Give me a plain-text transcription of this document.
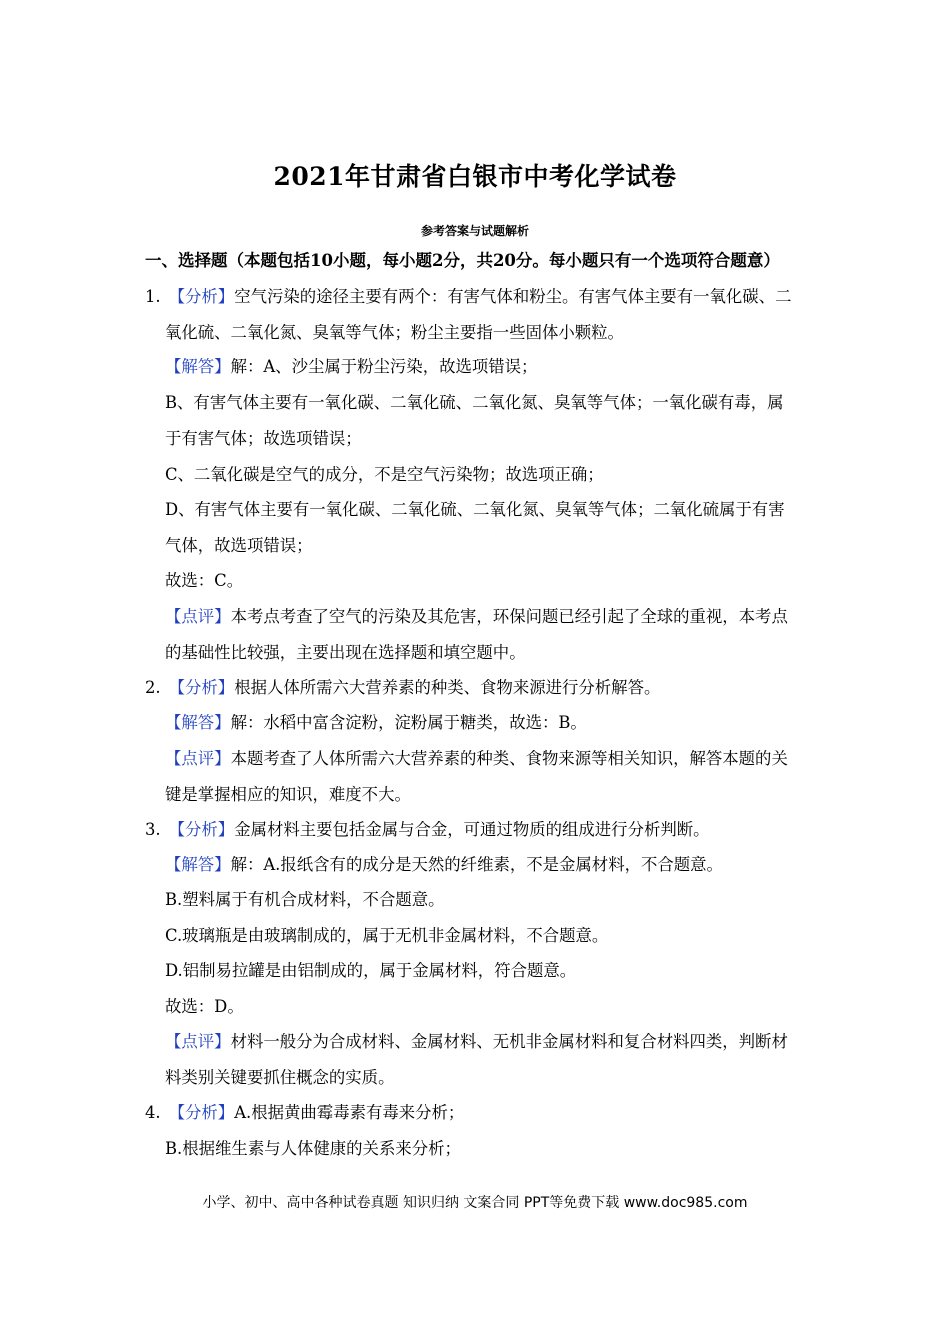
2021年甘肃省白银市中考化学试卷
参考答案与试题解析
一、选择题（本题包括10小题，每小题2分，共20分。每小题只有一个选项符合题意）
1. 【分析】空气污染的途径主要有两个：有害气体和粉尘。有害气体主要有一氧化碳、二
氧化硫、二氧化氮、臭氧等气体；粉尘主要指一些固体小颗粒。
【解答】解：A、沙尘属于粉尘污染，故选项错误；
B、有害气体主要有一氧化碳、二氧化硫、二氧化氮、臭氧等气体；一氧化碳有毒，属
于有害气体；故选项错误；
C、二氧化碳是空气的成分，不是空气污染物；故选项正确；
D、有害气体主要有一氧化碳、二氧化硫、二氧化氮、臭氧等气体；二氧化硫属于有害
气体，故选项错误；
故选：C。
【点评】本考点考查了空气的污染及其危害，环保问题已经引起了全球的重视，本考点
的基础性比较强，主要出现在选择题和填空题中。
2. 【分析】根据人体所需六大营养素的种类、食物来源进行分析解答。
【解答】解：水稻中富含淀粉，淀粉属于糖类，故选：B。
【点评】本题考查了人体所需六大营养素的种类、食物来源等相关知识，解答本题的关
键是掌握相应的知识，难度不大。
3. 【分析】金属材料主要包括金属与合金，可通过物质的组成进行分析判断。
【解答】解：A.报纸含有的成分是天然的纤维素，不是金属材料，不合题意。
B.塑料属于有机合成材料，不合题意。
C.玻璃瓶是由玻璃制成的，属于无机非金属材料，不合题意。
D.铝制易拉罐是由铝制成的，属于金属材料，符合题意。
故选：D。
【点评】材料一般分为合成材料、金属材料、无机非金属材料和复合材料四类，判断材
料类别关键要抓住概念的实质。
4. 【分析】A.根据黄曲霉毒素有毒来分析；
B.根据维生素与人体健康的关系来分析；
小学、初中、高中各种试卷真题 知识归纳 文案合同 PPT等免费下载 www.doc985.com
